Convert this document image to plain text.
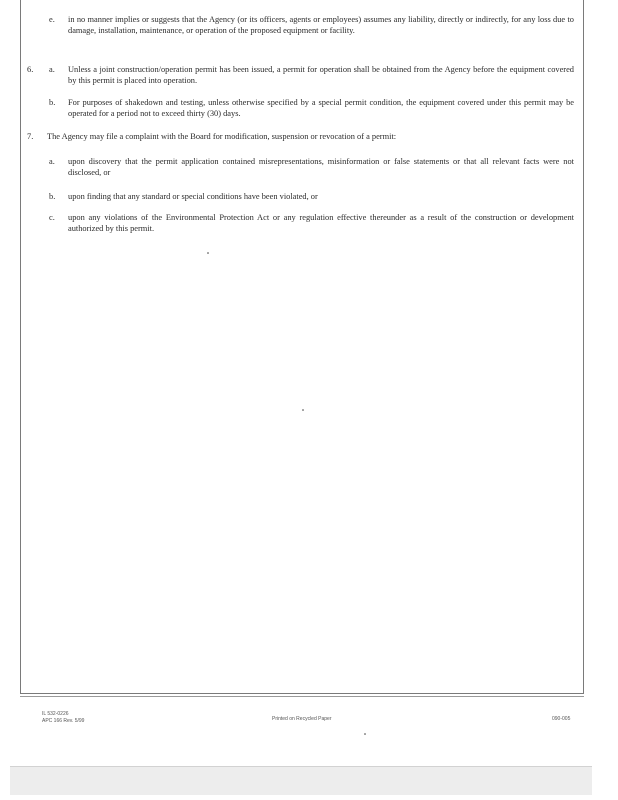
e. in no manner implies or suggests that the Agency (or its officers, agents or employees) assumes any liability, directly or indirectly, for any loss due to damage, installation, maintenance, or operation of the proposed equipment or facility.
6. a. Unless a joint construction/operation permit has been issued, a permit for operation shall be obtained from the Agency before the equipment covered by this permit is placed into operation.
b. For purposes of shakedown and testing, unless otherwise specified by a special permit condition, the equipment covered under this permit may be operated for a period not to exceed thirty (30) days.
7. The Agency may file a complaint with the Board for modification, suspension or revocation of a permit:
a. upon discovery that the permit application contained misrepresentations, misinformation or false statements or that all relevant facts were not disclosed, or
b. upon finding that any standard or special conditions have been violated, or
c. upon any violations of the Environmental Protection Act or any regulation effective thereunder as a result of the construction or development authorized by this permit.
IL 532-0226
APC 166 Rev. 5/99	Printed on Recycled Paper	090-005
